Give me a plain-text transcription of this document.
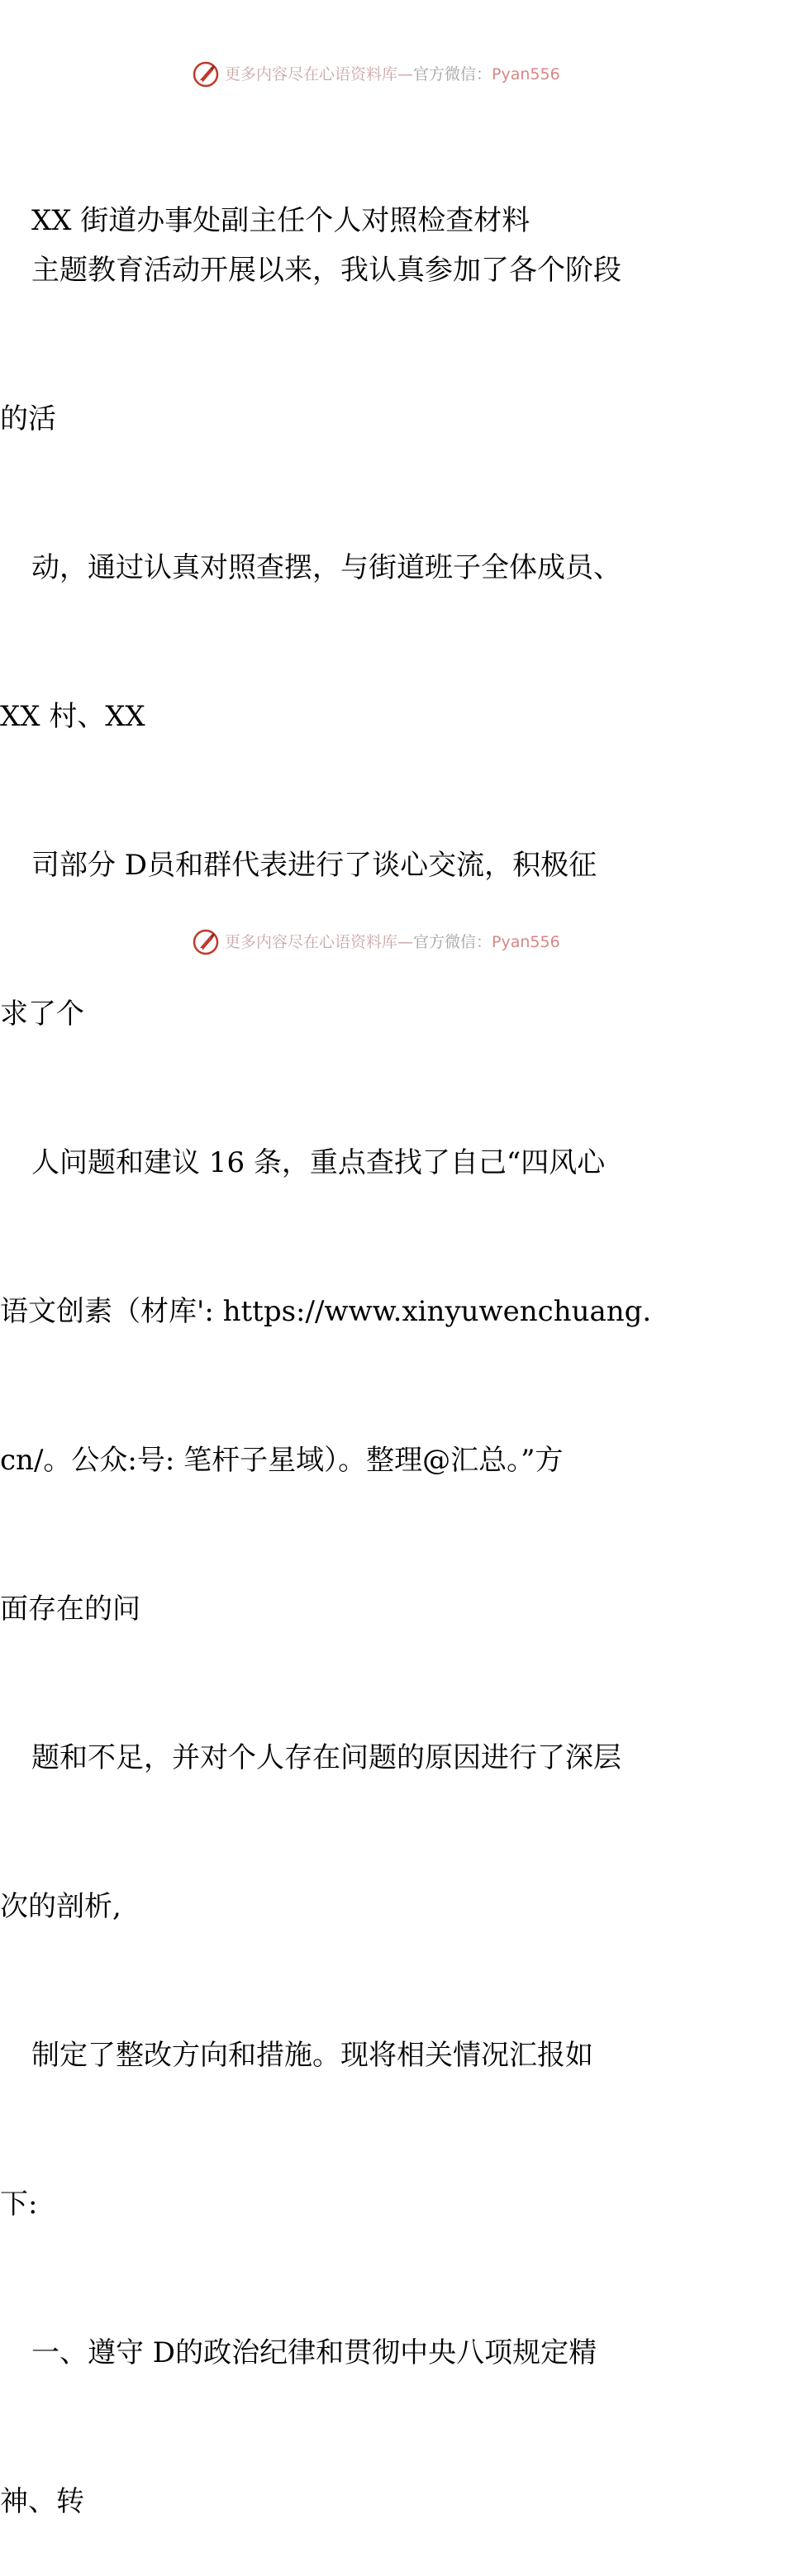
更多内容尽在心语资料库—官方微信：Pyan556

XX 街道办事处副主任个人对照检查材料

主题教育活动开展以来，我认真参加了各个阶段

的活

动，通过认真对照查摆，与街道班子全体成员、

XX 村、XX

司部分 D员和群代表进行了谈心交流，积极征

求了个

人问题和建议 16 条，重点查找了自己“四风心

语文创素（材库': https://www.xinyuwenchuang.

cn/。公众:号: 笔杆子星域）。整理@汇总。”方

面存在的问

题和不足，并对个人存在问题的原因进行了深层

次的剖析,

制定了整改方向和措施。现将相关情况汇报如

下:

一、遵守 D的政治纪律和贯彻中央八项规定精

神、转

更多内容尽在心语资料库—官方微信：Pyan556
